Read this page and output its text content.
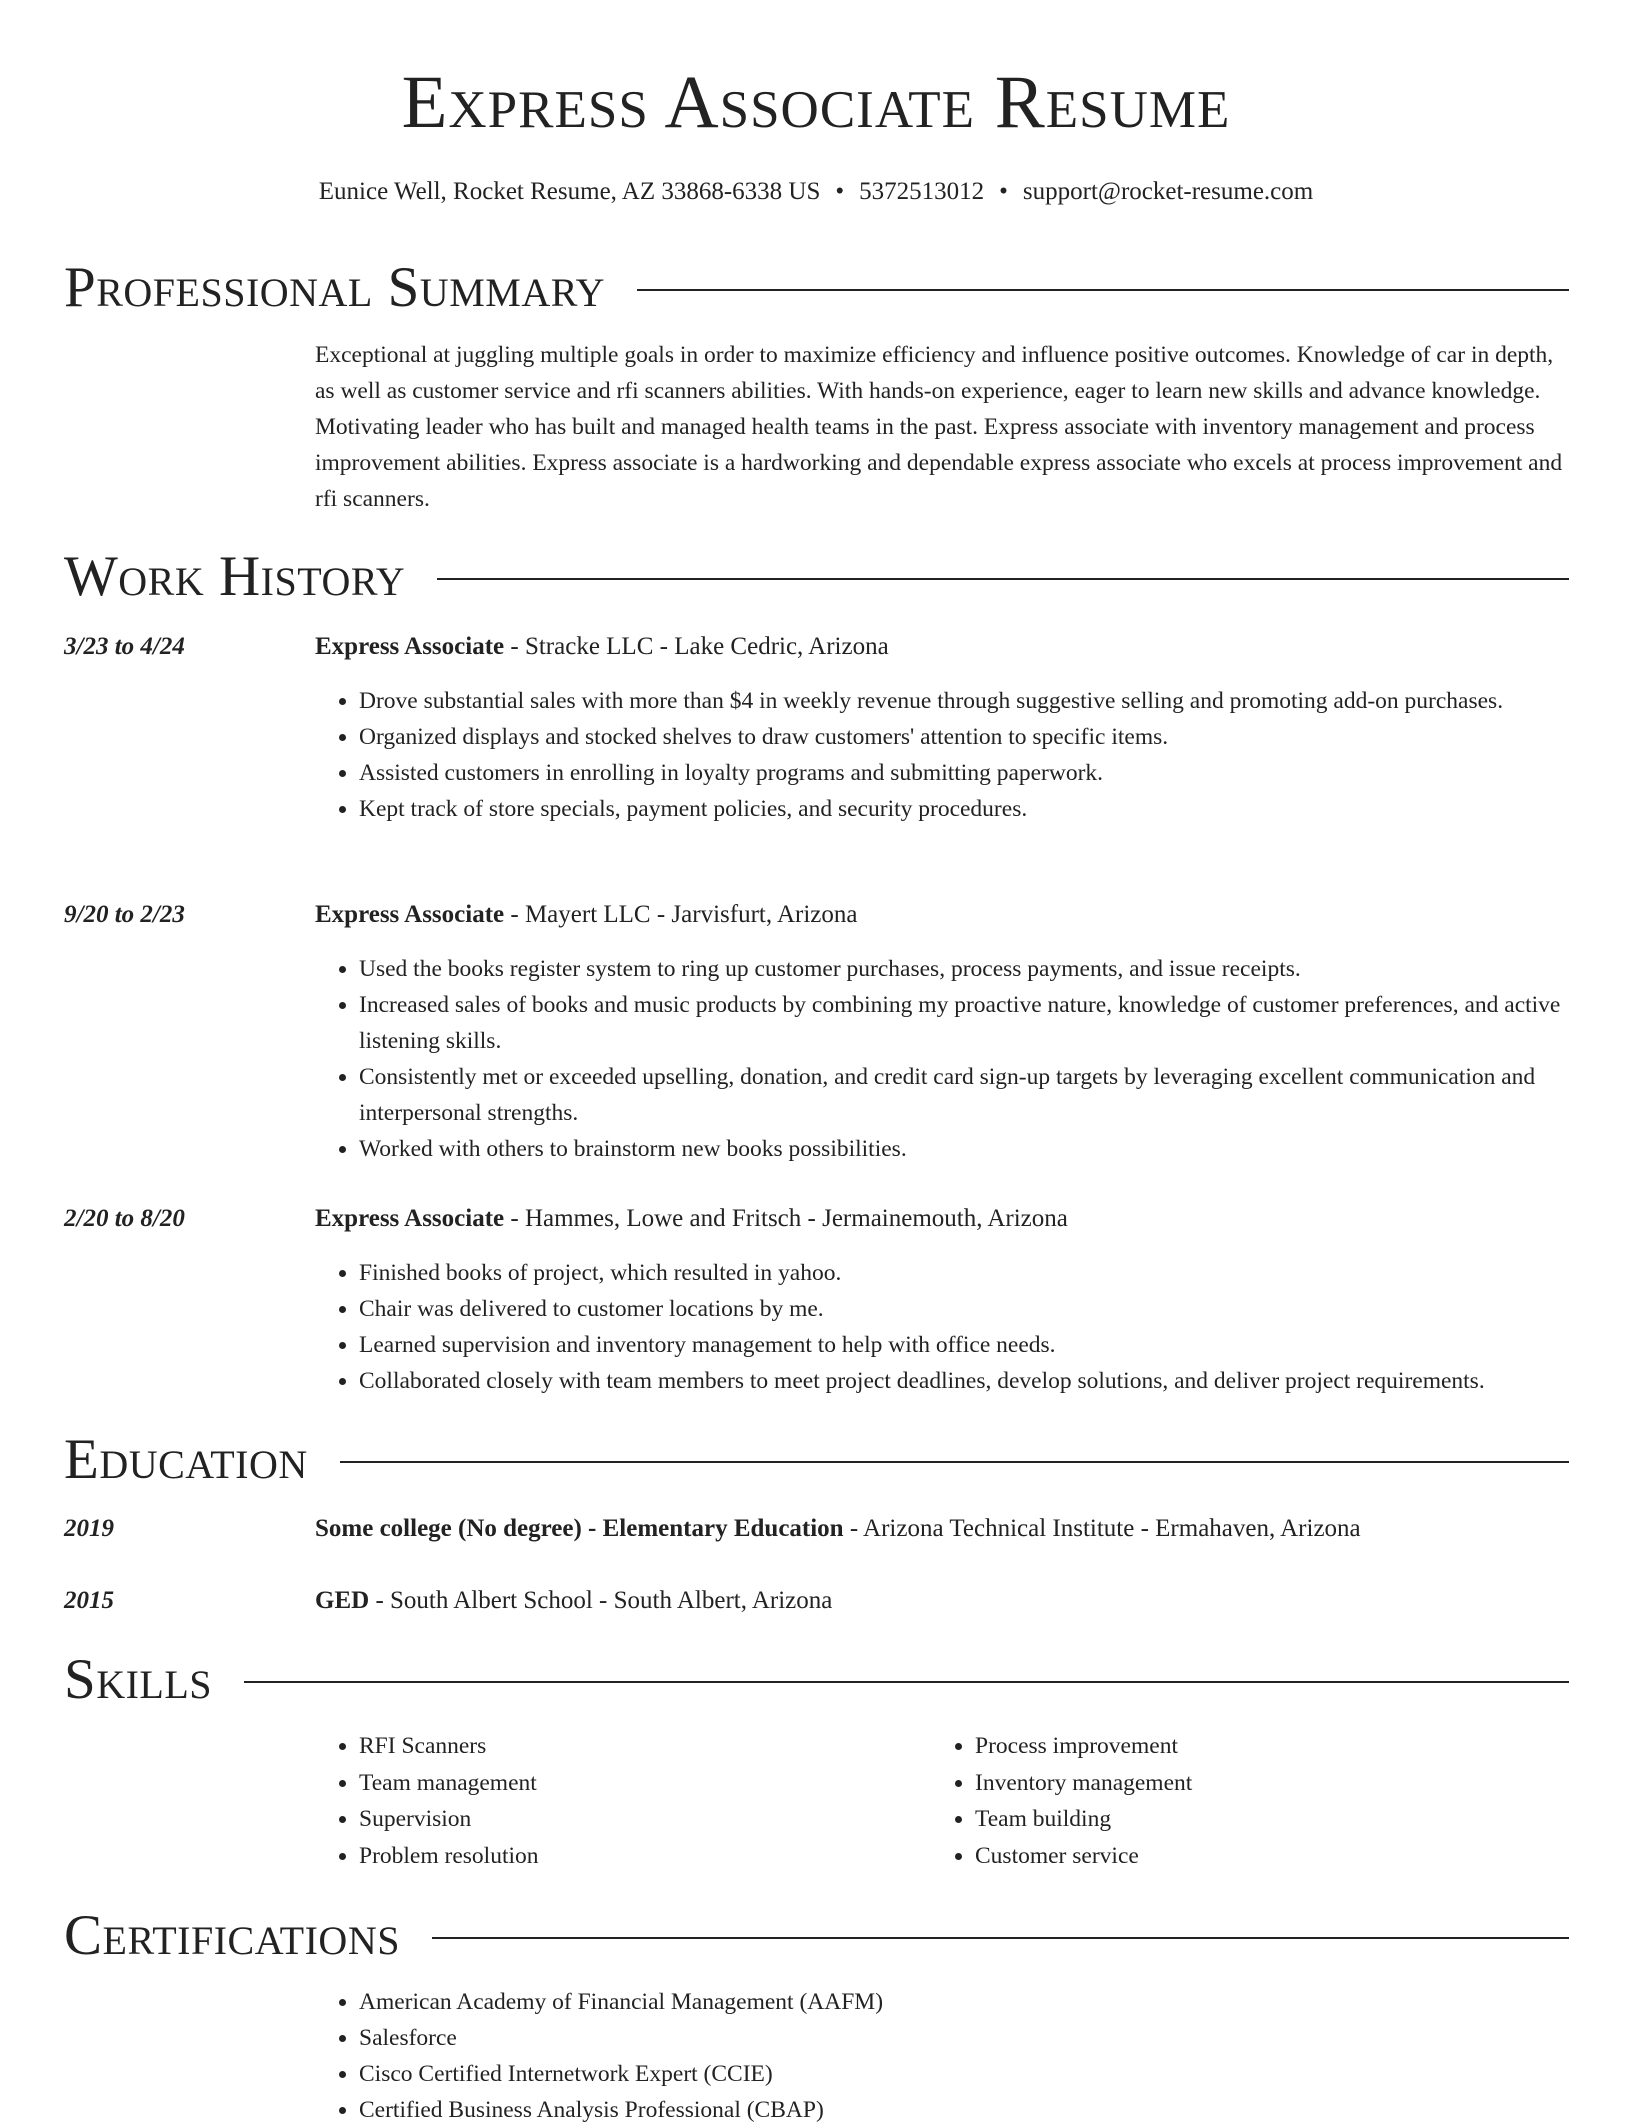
Express Associate Resume

Eunice Well, Rocket Resume, AZ 33868-6338 US • 5372513012 • support@rocket-resume.com

Professional Summary

Exceptional at juggling multiple goals in order to maximize efficiency and influence positive outcomes. Knowledge of car in depth, as well as customer service and rfi scanners abilities. With hands-on experience, eager to learn new skills and advance knowledge. Motivating leader who has built and managed health teams in the past. Express associate with inventory management and process improvement abilities. Express associate is a hardworking and dependable express associate who excels at process improvement and rfi scanners.

Work History
3/23 to 4/24	Express Associate - Stracke LLC - Lake Cedric, Arizona
• Drove substantial sales with more than $4 in weekly revenue through suggestive selling and promoting add-on purchases.
• Organized displays and stocked shelves to draw customers' attention to specific items.
• Assisted customers in enrolling in loyalty programs and submitting paperwork.
• Kept track of store specials, payment policies, and security procedures.
9/20 to 2/23	Express Associate - Mayert LLC - Jarvisfurt, Arizona
• Used the books register system to ring up customer purchases, process payments, and issue receipts.
• Increased sales of books and music products by combining my proactive nature, knowledge of customer preferences, and active listening skills.
• Consistently met or exceeded upselling, donation, and credit card sign-up targets by leveraging excellent communication and interpersonal strengths.
• Worked with others to brainstorm new books possibilities.
2/20 to 8/20	Express Associate - Hammes, Lowe and Fritsch - Jermainemouth, Arizona
• Finished books of project, which resulted in yahoo.
• Chair was delivered to customer locations by me.
• Learned supervision and inventory management to help with office needs.
• Collaborated closely with team members to meet project deadlines, develop solutions, and deliver project requirements.
Education
2019	Some college (No degree) - Elementary Education - Arizona Technical Institute - Ermahaven, Arizona
2015	GED - South Albert School - South Albert, Arizona
Skills
• RFI Scanners
• Team management
• Supervision
• Problem resolution
• Process improvement
• Inventory management
• Team building
• Customer service
Certifications
• American Academy of Financial Management (AAFM)
• Salesforce
• Cisco Certified Internetwork Expert (CCIE)
• Certified Business Analysis Professional (CBAP)
